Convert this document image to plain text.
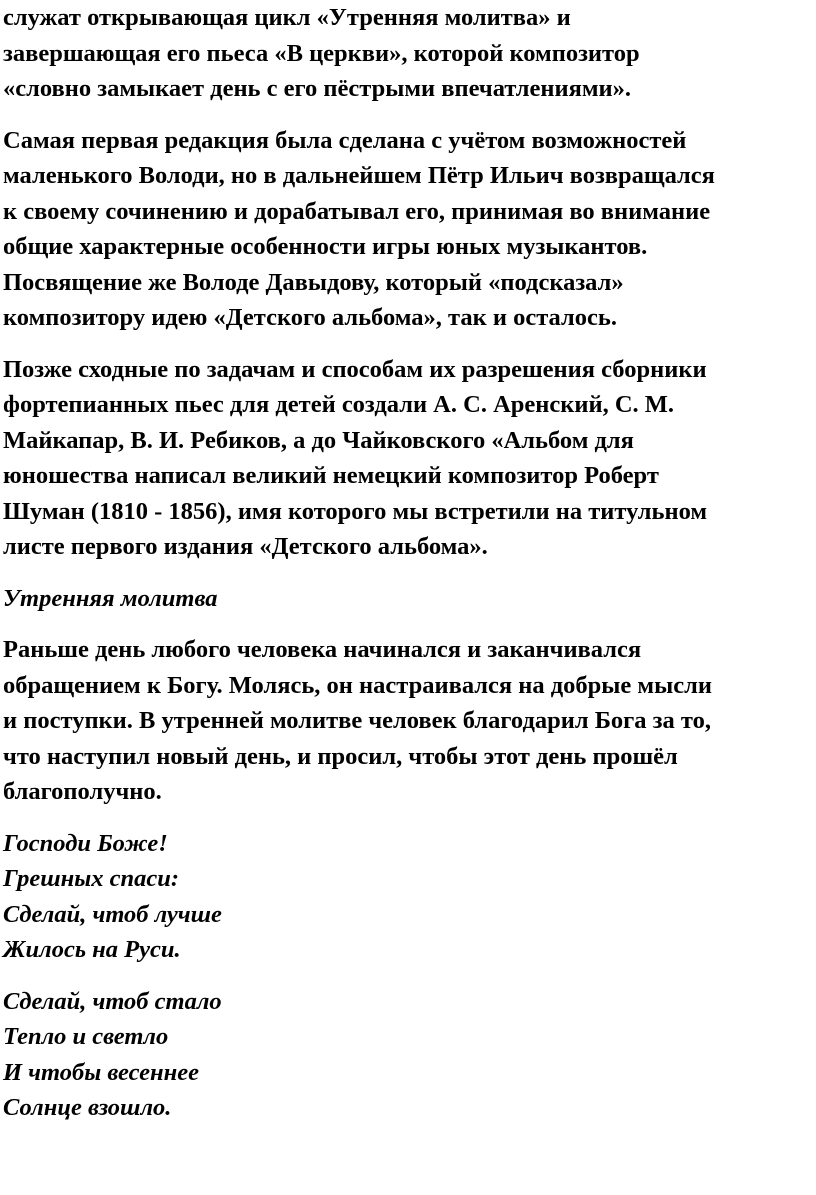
служат открывающая цикл «Утренняя молитва» и
завершающая его пьеса «В церкви», которой композитор
«словно замыкает день с его пёстрыми впечатлениями».

Самая первая редакция была сделана с учётом возможностей
маленького Володи, но в дальнейшем Пётр Ильич возвращался
к своему сочинению и дорабатывал его, принимая во внимание
общие характерные особенности игры юных музыкантов.
Посвящение же Володе Давыдову, который «подсказал»
композитору идею «Детского альбома», так и осталось.

Позже сходные по задачам и способам их разрешения сборники
фортепианных пьес для детей создали А. С. Аренский, С. М.
Майкапар, В. И. Ребиков, а до Чайковского «Альбом для
юношества написал великий немецкий композитор Роберт
Шуман (1810 - 1856), имя которого мы встретили на титульном
листе первого издания «Детского альбома».

Утренняя молитва

Раньше день любого человека начинался и заканчивался
обращением к Богу. Молясь, он настраивался на добрые мысли
и поступки. В утренней молитве человек благодарил Бога за то,
что наступил новый день, и просил, чтобы этот день прошёл
благополучно.

Господи Боже!
Грешных спаси:
Сделай, чтоб лучше
Жилось на Руси.

Сделай, чтоб стало
Тепло и светло
И чтобы весеннее
Солнце взошло.
